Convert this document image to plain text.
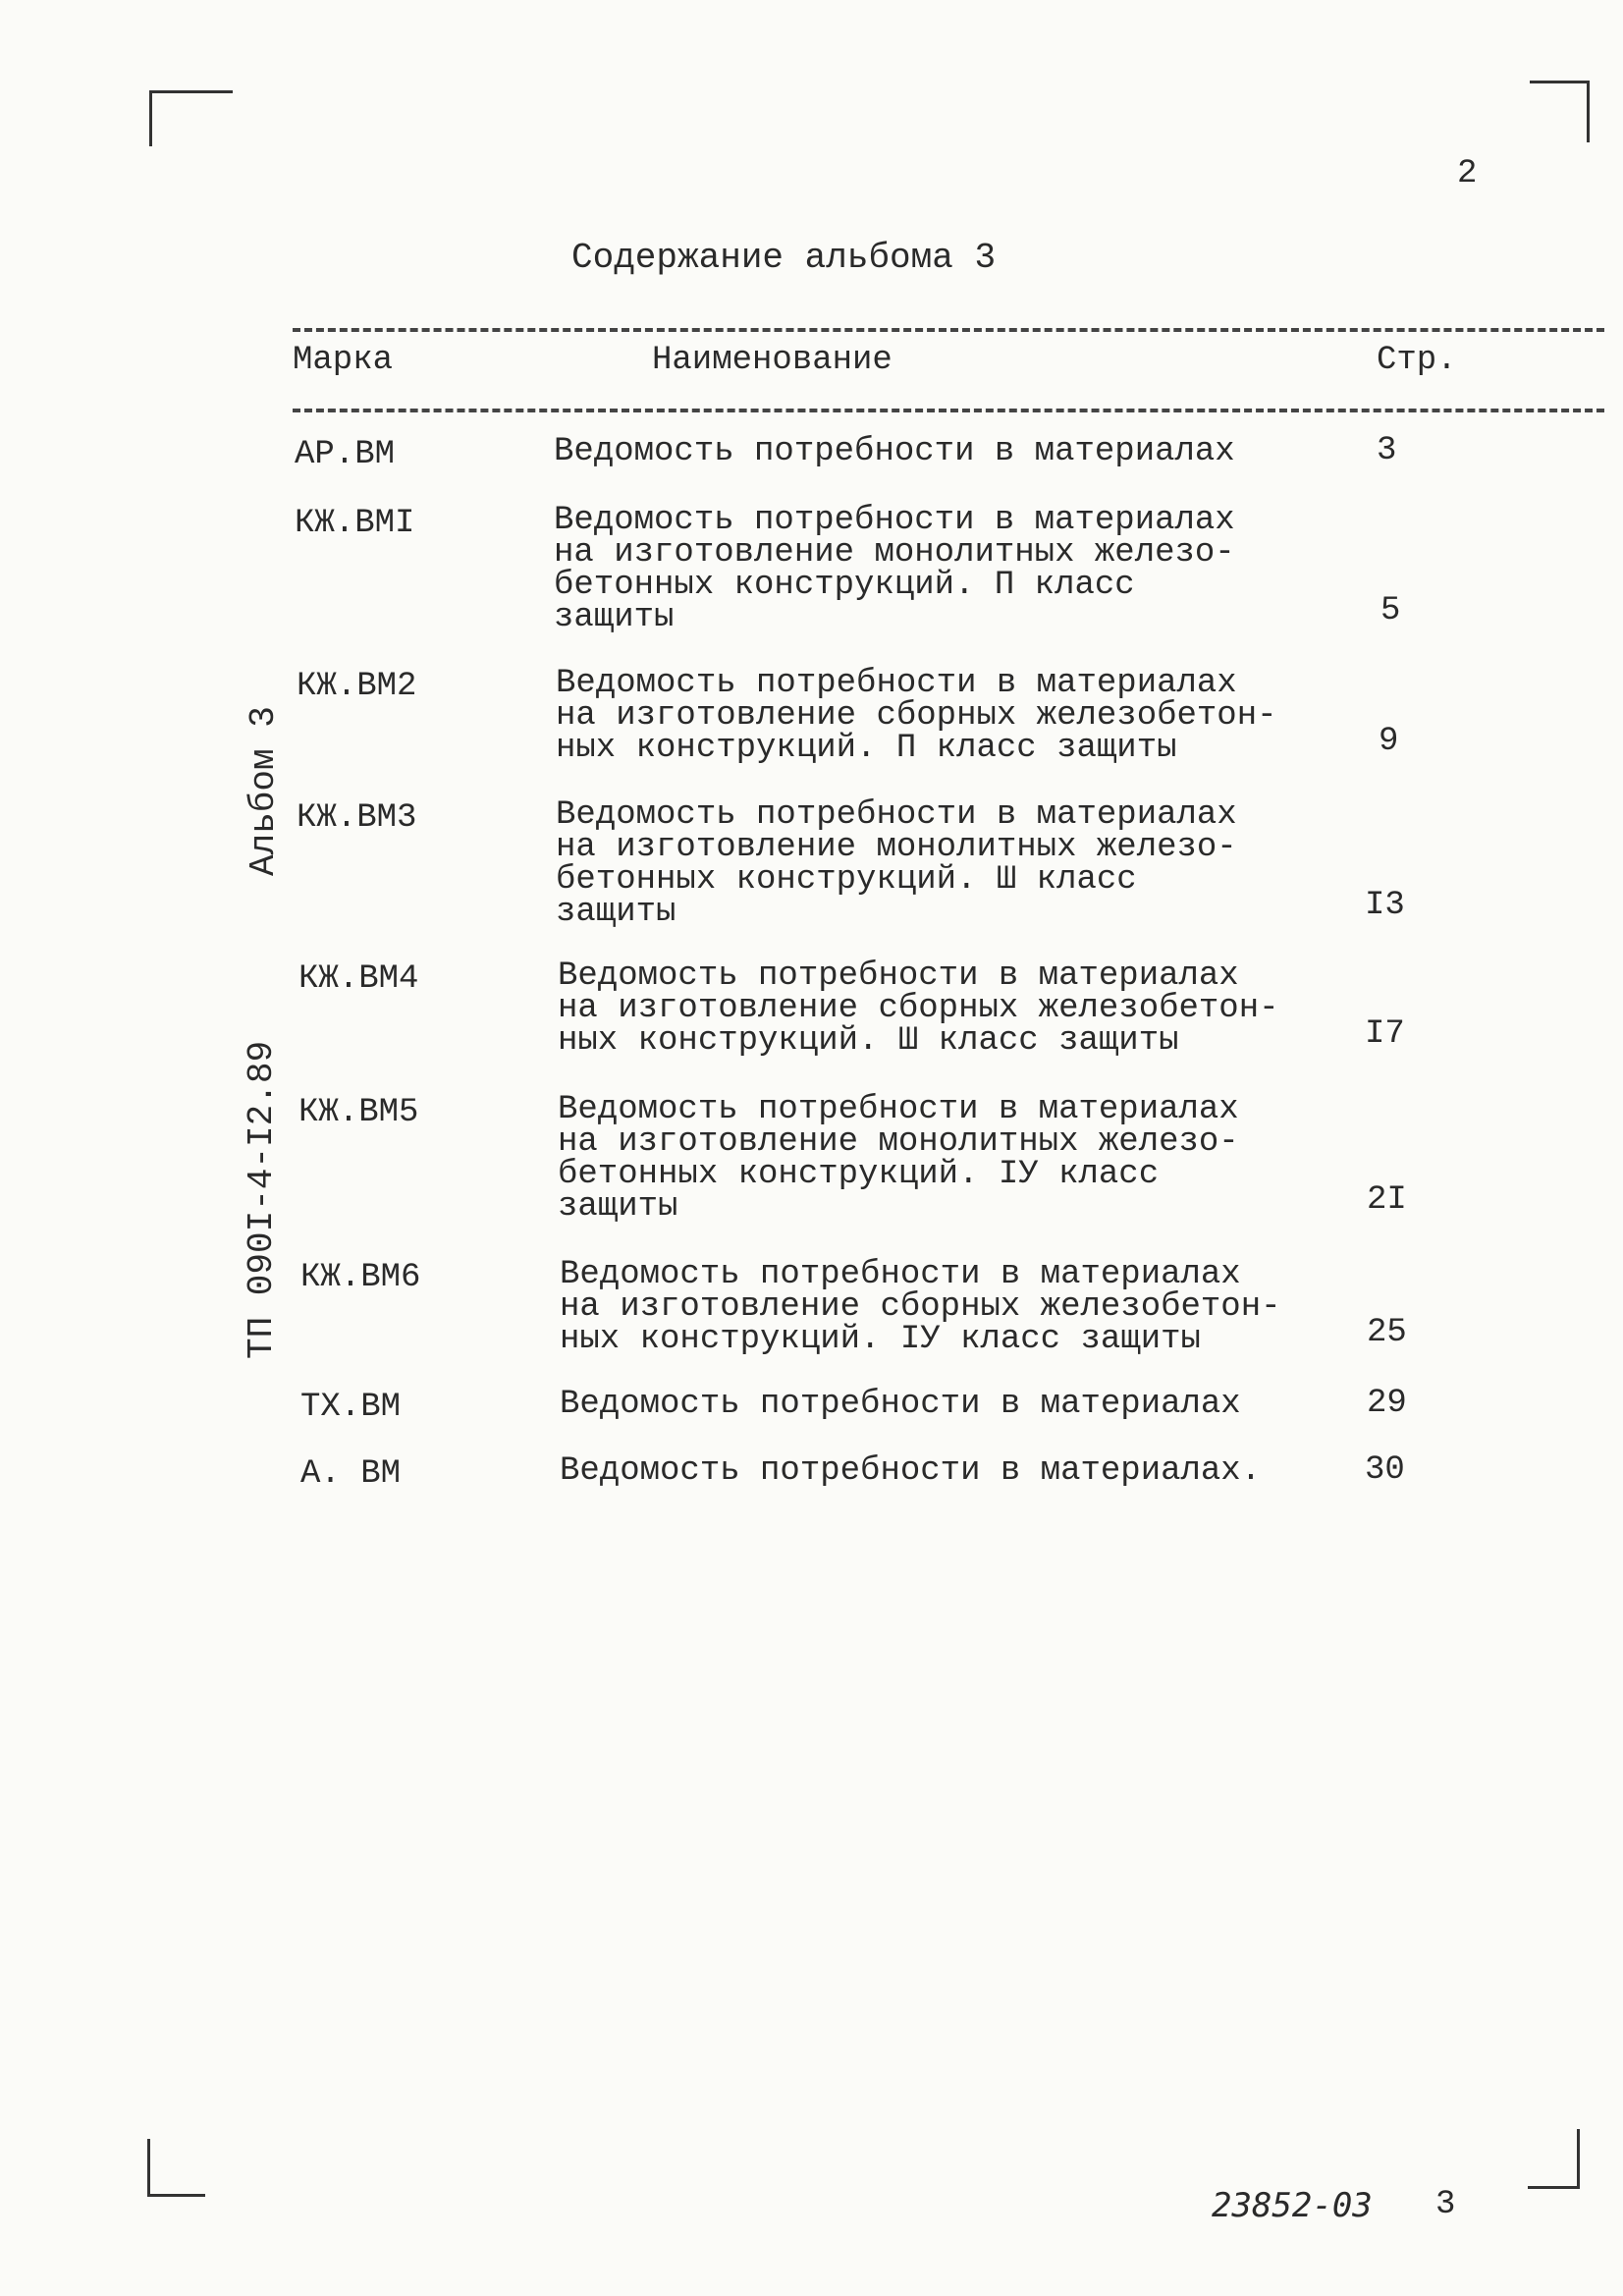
2
Содержание альбома 3
Марка	Наименование	Стр.
АР.ВМ	Ведомость потребности в материалах	3
КЖ.ВМI	Ведомость потребности в материалах
на изготовление монолитных железо-
бетонных конструкций. П класс
защиты	5
КЖ.ВМ2	Ведомость потребности в материалах
на изготовление сборных железобетон-
ных конструкций. П класс защиты	9
КЖ.ВМ3	Ведомость потребности в материалах
на изготовление монолитных железо-
бетонных конструкций. Ш класс
защиты	I3
КЖ.ВМ4	Ведомость потребности в материалах
на изготовление сборных железобетон-
ных конструкций. Ш класс защиты	I7
КЖ.ВМ5	Ведомость потребности в материалах
на изготовление монолитных железо-
бетонных конструкций. IУ класс
защиты	2I
КЖ.ВМ6	Ведомость потребности в материалах
на изготовление сборных железобетон-
ных конструкций. IУ класс защиты	25
ТХ.ВМ	Ведомость потребности в материалах	29
А. ВМ	Ведомость потребности в материалах.	30
Альбом 3
ТП 090I-4-I2.89
23852-03 3
